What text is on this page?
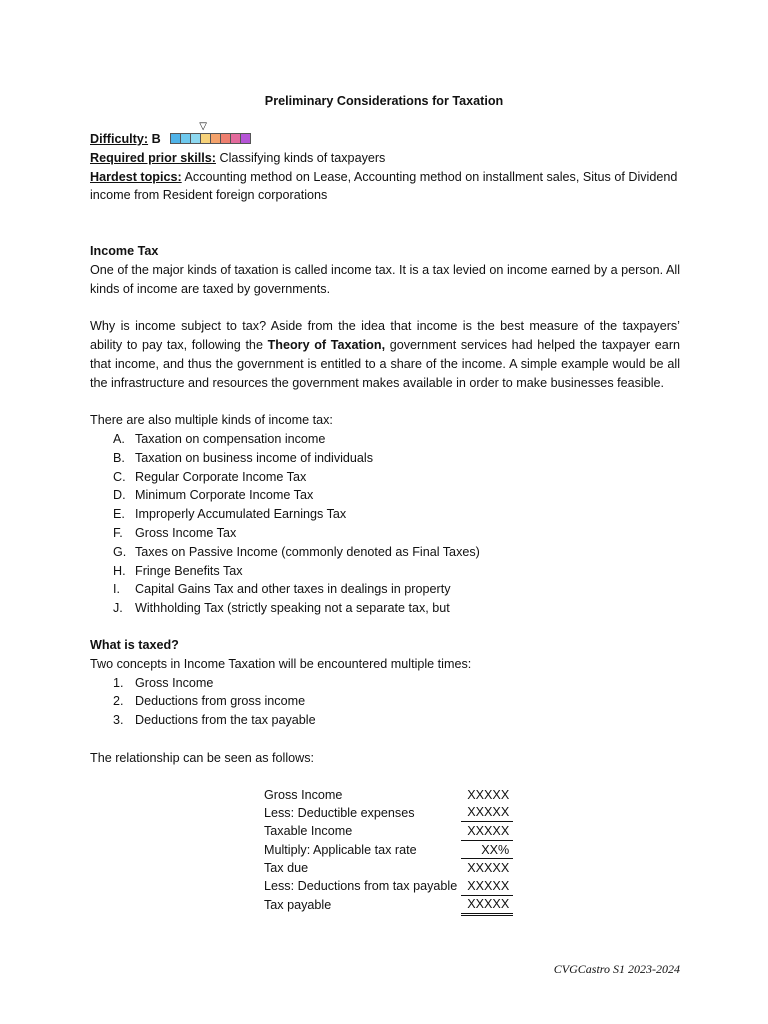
Preliminary Considerations for Taxation
Difficulty: B
▽
Required prior skills: Classifying kinds of taxpayers
Hardest topics: Accounting method on Lease, Accounting method on installment sales, Situs of Dividend income from Resident foreign corporations
Income Tax
One of the major kinds of taxation is called income tax. It is a tax levied on income earned by a person. All kinds of income are taxed by governments.
Why is income subject to tax? Aside from the idea that income is the best measure of the taxpayers’ ability to pay tax, following the Theory of Taxation, government services had helped the taxpayer earn that income, and thus the government is entitled to a share of the income. A simple example would be all the infrastructure and resources the government makes available in order to make businesses feasible.
There are also multiple kinds of income tax:
A. Taxation on compensation income
B. Taxation on business income of individuals
C. Regular Corporate Income Tax
D. Minimum Corporate Income Tax
E. Improperly Accumulated Earnings Tax
F. Gross Income Tax
G. Taxes on Passive Income (commonly denoted as Final Taxes)
H. Fringe Benefits Tax
I. Capital Gains Tax and other taxes in dealings in property
J. Withholding Tax (strictly speaking not a separate tax, but
What is taxed?
Two concepts in Income Taxation will be encountered multiple times:
1. Gross Income
2. Deductions from gross income
3. Deductions from the tax payable
The relationship can be seen as follows:
Gross Income	XXXXX
Less: Deductible expenses	XXXXX
Taxable Income	XXXXX
Multiply: Applicable tax rate	XX%
Tax due	XXXXX
Less: Deductions from tax payable	XXXXX
Tax payable	XXXXX
CVGCastro S1 2023-2024
